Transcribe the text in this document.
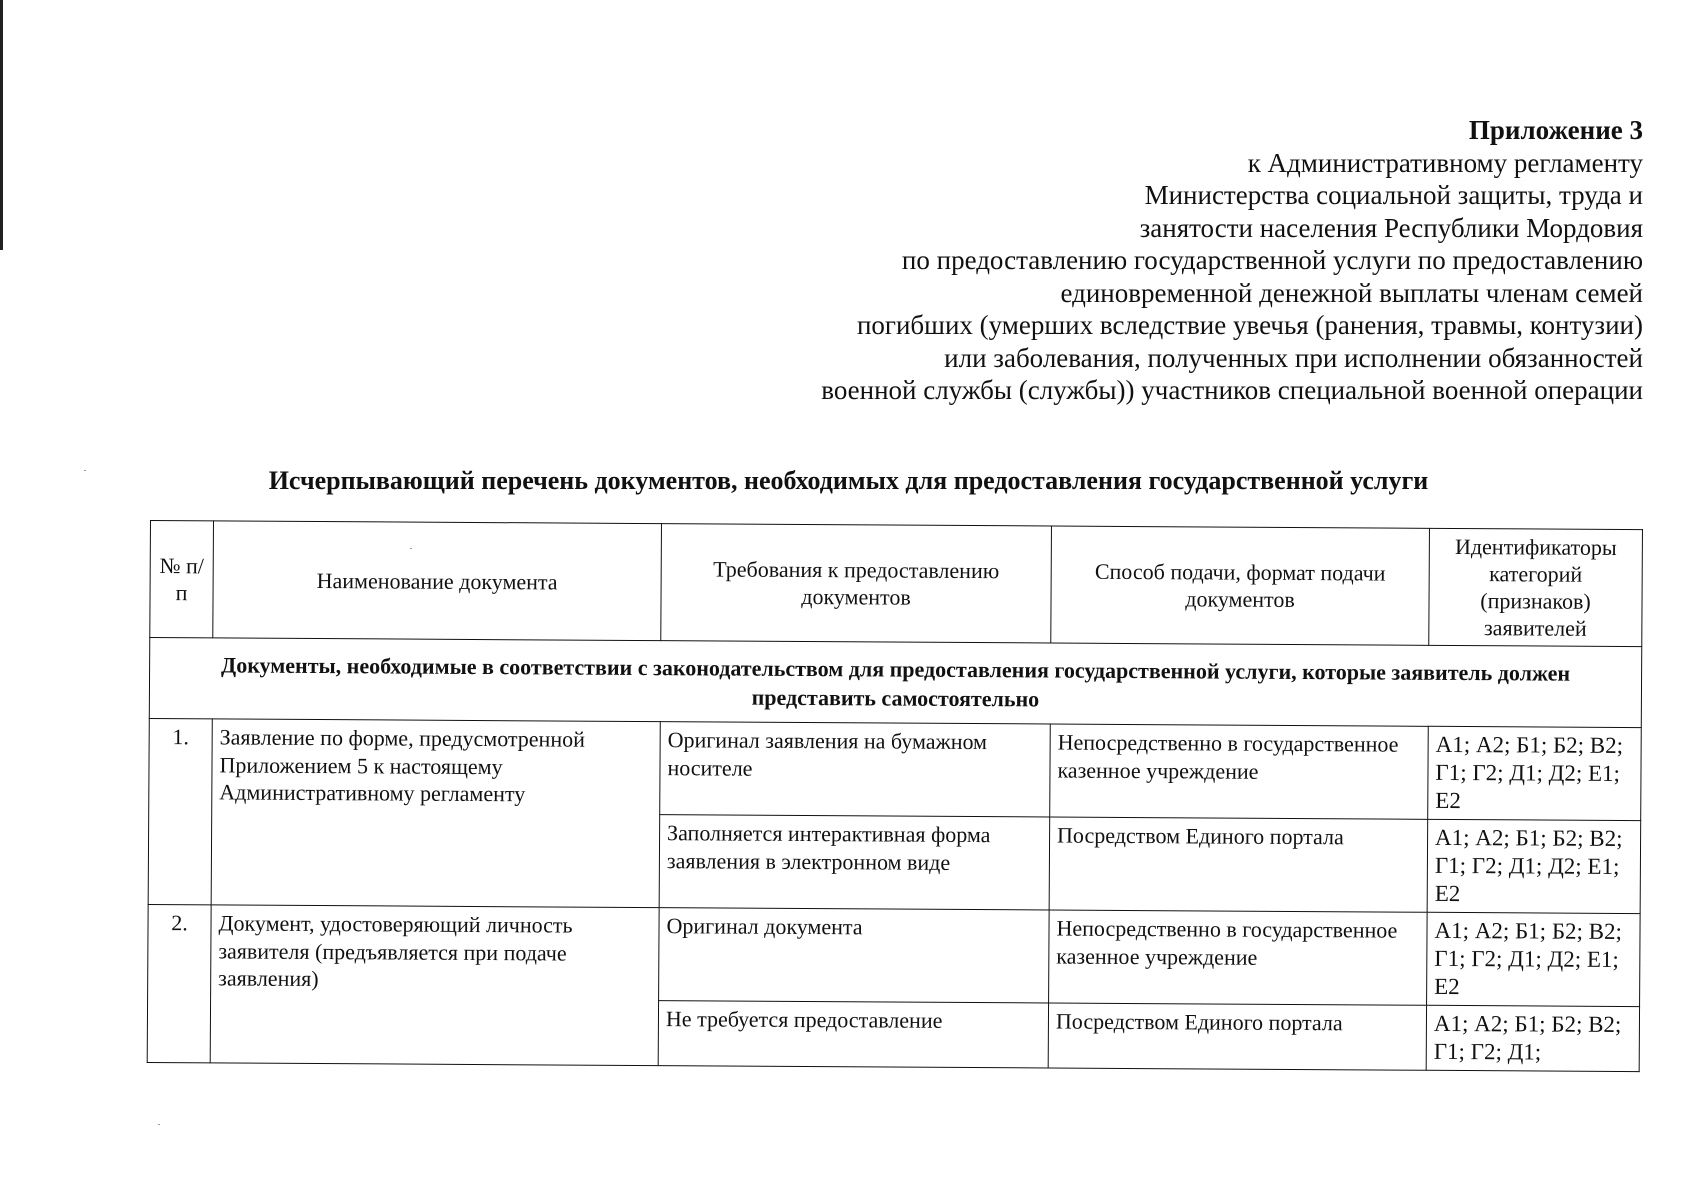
Приложение 3
к Административному регламенту
Министерства социальной защиты, труда и
занятости населения Республики Мордовия
по предоставлению государственной услуги по предоставлению
единовременной денежной выплаты членам семей
погибших (умерших вследствие увечья (ранения, травмы, контузии)
или заболевания, полученных при исполнении обязанностей
военной службы (службы)) участников специальной военной операции
Исчерпывающий перечень документов, необходимых для предоставления государственной услуги
№ п/п	Наименование документа	Требования к предоставлению документов	Способ подачи, формат подачи документов	Идентификаторы категорий (признаков) заявителей
Документы, необходимые в соответствии с законодательством для предоставления государственной услуги, которые заявитель должен представить самостоятельно				
1.	Заявление по форме, предусмотренной Приложением 5 к настоящему Административному регламенту	Оригинал заявления на бумажном носителе	Непосредственно в государственное казенное учреждение	А1; А2; Б1; Б2; В2; Г1; Г2; Д1; Д2; Е1; Е2
		Заполняется интерактивная форма заявления в электронном виде	Посредством Единого портала	А1; А2; Б1; Б2; В2; Г1; Г2; Д1; Д2; Е1; Е2
2.	Документ, удостоверяющий личность заявителя (предъявляется при подаче заявления)	Оригинал документа	Непосредственно в государственное казенное учреждение	А1; А2; Б1; Б2; В2; Г1; Г2; Д1; Д2; Е1; Е2
		Не требуется предоставление	Посредством Единого портала	А1; А2; Б1; Б2; В2; Г1; Г2; Д1;
